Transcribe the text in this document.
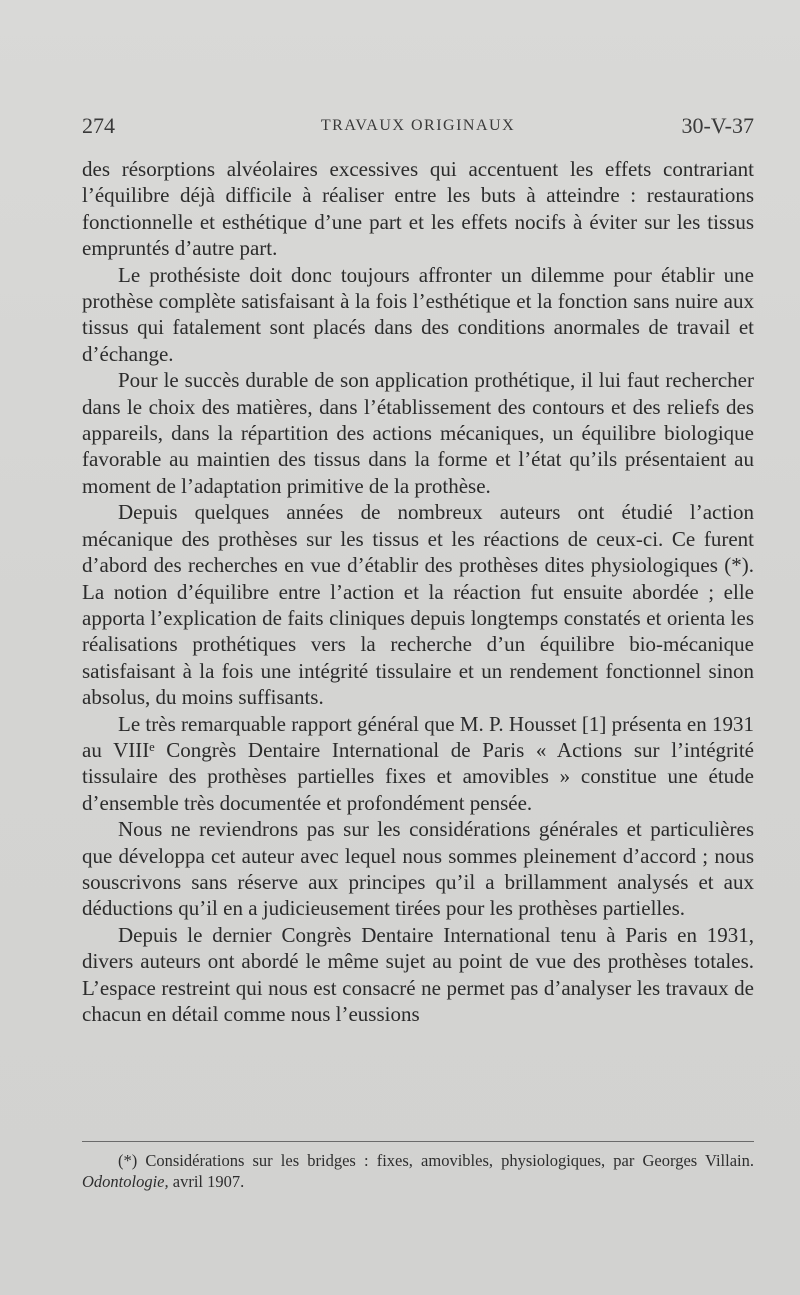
274	TRAVAUX ORIGINAUX	30-V-37

des résorptions alvéolaires excessives qui accentuent les effets contrariant l’équilibre déjà difficile à réaliser entre les buts à atteindre : restaurations fonctionnelle et esthétique d’une part et les effets nocifs à éviter sur les tissus empruntés d’autre part.

Le prothésiste doit donc toujours affronter un dilemme pour établir une prothèse complète satisfaisant à la fois l’esthétique et la fonction sans nuire aux tissus qui fatalement sont placés dans des conditions anormales de travail et d’échange.

Pour le succès durable de son application prothétique, il lui faut rechercher dans le choix des matières, dans l’établissement des contours et des reliefs des appareils, dans la répartition des actions mécaniques, un équilibre biologique favorable au maintien des tissus dans la forme et l’état qu’ils présentaient au moment de l’adaptation primitive de la prothèse.

Depuis quelques années de nombreux auteurs ont étudié l’action mécanique des prothèses sur les tissus et les réactions de ceux-ci. Ce furent d’abord des recherches en vue d’établir des prothèses dites physiologiques (*). La notion d’équilibre entre l’action et la réaction fut ensuite abordée ; elle apporta l’explication de faits cliniques depuis longtemps constatés et orienta les réalisations prothétiques vers la recherche d’un équilibre bio-mécanique satisfaisant à la fois une intégrité tissulaire et un rendement fonctionnel sinon absolus, du moins suffisants.

Le très remarquable rapport général que M. P. Housset [1] présenta en 1931 au VIIIᵉ Congrès Dentaire International de Paris « Actions sur l’intégrité tissulaire des prothèses partielles fixes et amovibles » constitue une étude d’ensemble très documentée et profondément pensée.

Nous ne reviendrons pas sur les considérations générales et particulières que développa cet auteur avec lequel nous sommes pleinement d’accord ; nous souscrivons sans réserve aux principes qu’il a brillamment analysés et aux déductions qu’il en a judicieusement tirées pour les prothèses partielles.

Depuis le dernier Congrès Dentaire International tenu à Paris en 1931, divers auteurs ont abordé le même sujet au point de vue des prothèses totales. L’espace restreint qui nous est consacré ne permet pas d’analyser les travaux de chacun en détail comme nous l’eussions

(*) Considérations sur les bridges : fixes, amovibles, physiologiques, par Georges Villain. Odontologie, avril 1907.
